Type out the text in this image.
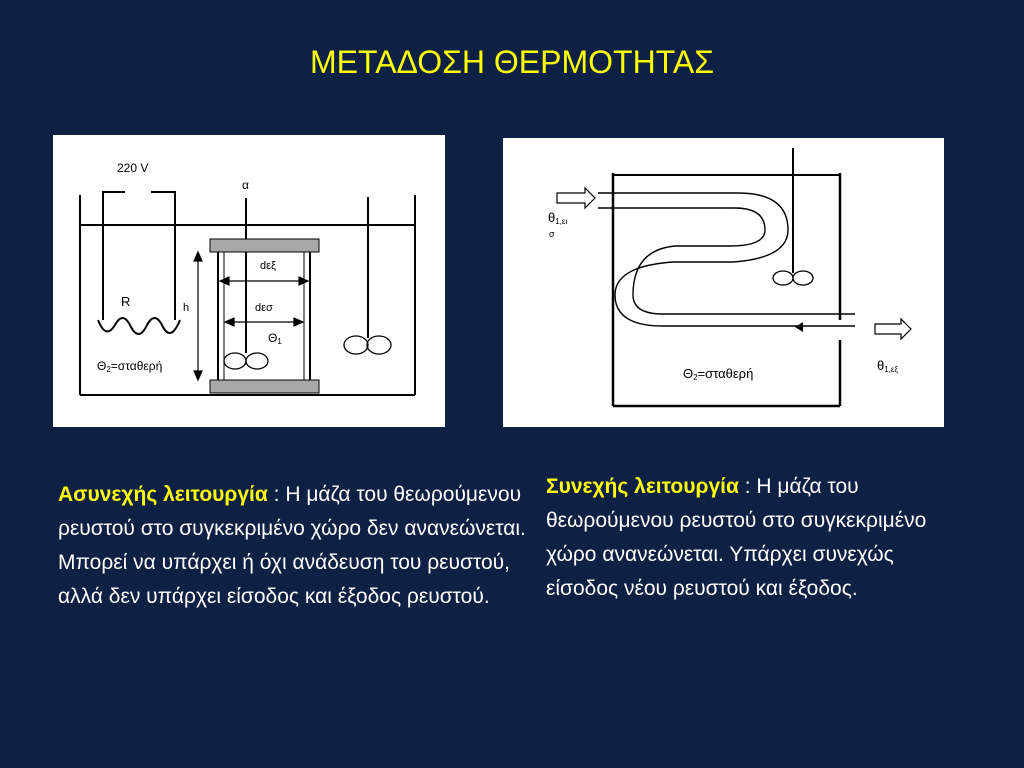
ΜΕΤΑΔΟΣΗ ΘΕΡΜΟΤΗΤΑΣ
220 V
α
dεξ
R	h	dεσ
$\Theta_1$
$\Theta_2=\sigma\tau\alpha\theta\varepsilon\rho ή$
$\theta_{1,\varepsilon\iota}$
σ
$\Theta_2=\sigma\tau\alpha\theta\varepsilon\rho ή$
$\theta_{1,\varepsilon\xi}$
Ασυνεχής λειτουργία : Η μάζα του θεωρούμενου ρευστού στο συγκεκριμένο χώρο δεν ανανεώνεται. Μπορεί να υπάρχει ή όχι ανάδευση του ρευστού, αλλά δεν υπάρχει είσοδος και έξοδος ρευστού.
Συνεχής λειτουργία : Η μάζα του θεωρούμενου ρευστού στο συγκεκριμένο χώρο ανανεώνεται. Υπάρχει συνεχώς είσοδος νέου ρευστού και έξοδος.
